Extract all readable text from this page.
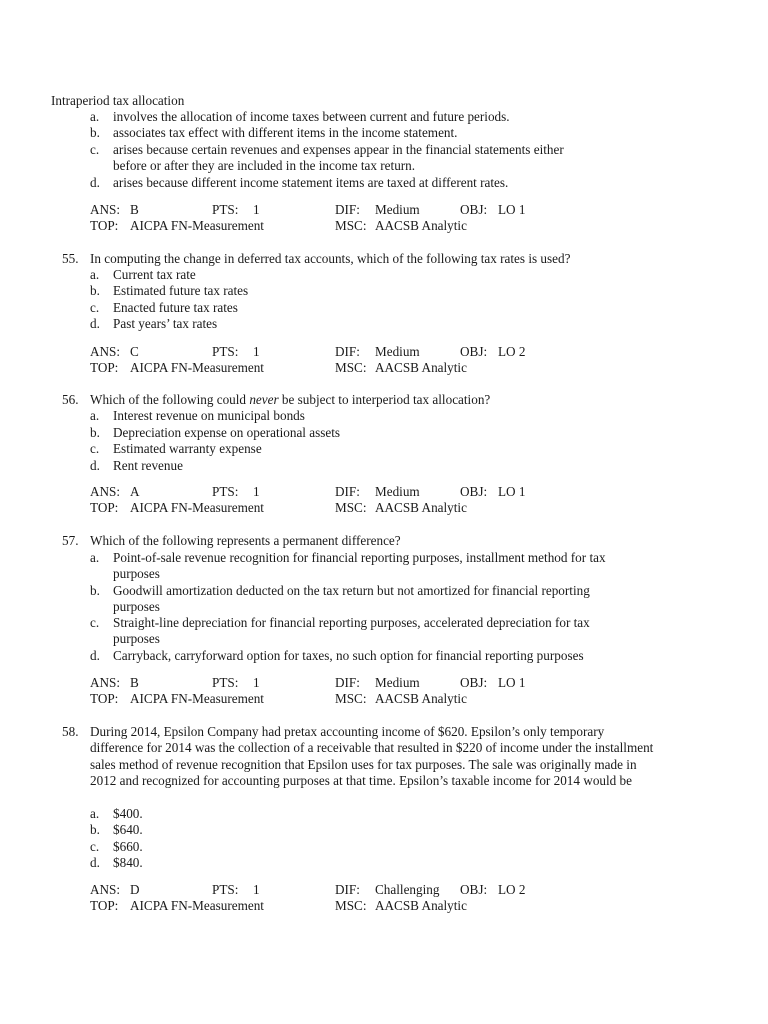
Intraperiod tax allocation
a. involves the allocation of income taxes between current and future periods.
b. associates tax effect with different items in the income statement.
c. arises because certain revenues and expenses appear in the financial statements either before or after they are included in the income tax return.
d. arises because different income statement items are taxed at different rates.
ANS: B	PTS: 1	DIF: Medium	OBJ: LO 1
TOP: AICPA FN-Measurement	MSC: AACSB Analytic
55. In computing the change in deferred tax accounts, which of the following tax rates is used?
a. Current tax rate
b. Estimated future tax rates
c. Enacted future tax rates
d. Past years’ tax rates
ANS: C	PTS: 1	DIF: Medium	OBJ: LO 2
TOP: AICPA FN-Measurement	MSC: AACSB Analytic
56. Which of the following could never be subject to interperiod tax allocation?
a. Interest revenue on municipal bonds
b. Depreciation expense on operational assets
c. Estimated warranty expense
d. Rent revenue
ANS: A	PTS: 1	DIF: Medium	OBJ: LO 1
TOP: AICPA FN-Measurement	MSC: AACSB Analytic
57. Which of the following represents a permanent difference?
a. Point-of-sale revenue recognition for financial reporting purposes, installment method for tax purposes
b. Goodwill amortization deducted on the tax return but not amortized for financial reporting purposes
c. Straight-line depreciation for financial reporting purposes, accelerated depreciation for tax purposes
d. Carryback, carryforward option for taxes, no such option for financial reporting purposes
ANS: B	PTS: 1	DIF: Medium	OBJ: LO 1
TOP: AICPA FN-Measurement	MSC: AACSB Analytic
58. During 2014, Epsilon Company had pretax accounting income of $620. Epsilon’s only temporary difference for 2014 was the collection of a receivable that resulted in $220 of income under the installment sales method of revenue recognition that Epsilon uses for tax purposes. The sale was originally made in 2012 and recognized for accounting purposes at that time. Epsilon’s taxable income for 2014 would be
a. $400.
b. $640.
c. $660.
d. $840.
ANS: D	PTS: 1	DIF: Challenging OBJ: LO 2
TOP: AICPA FN-Measurement	MSC: AACSB Analytic
